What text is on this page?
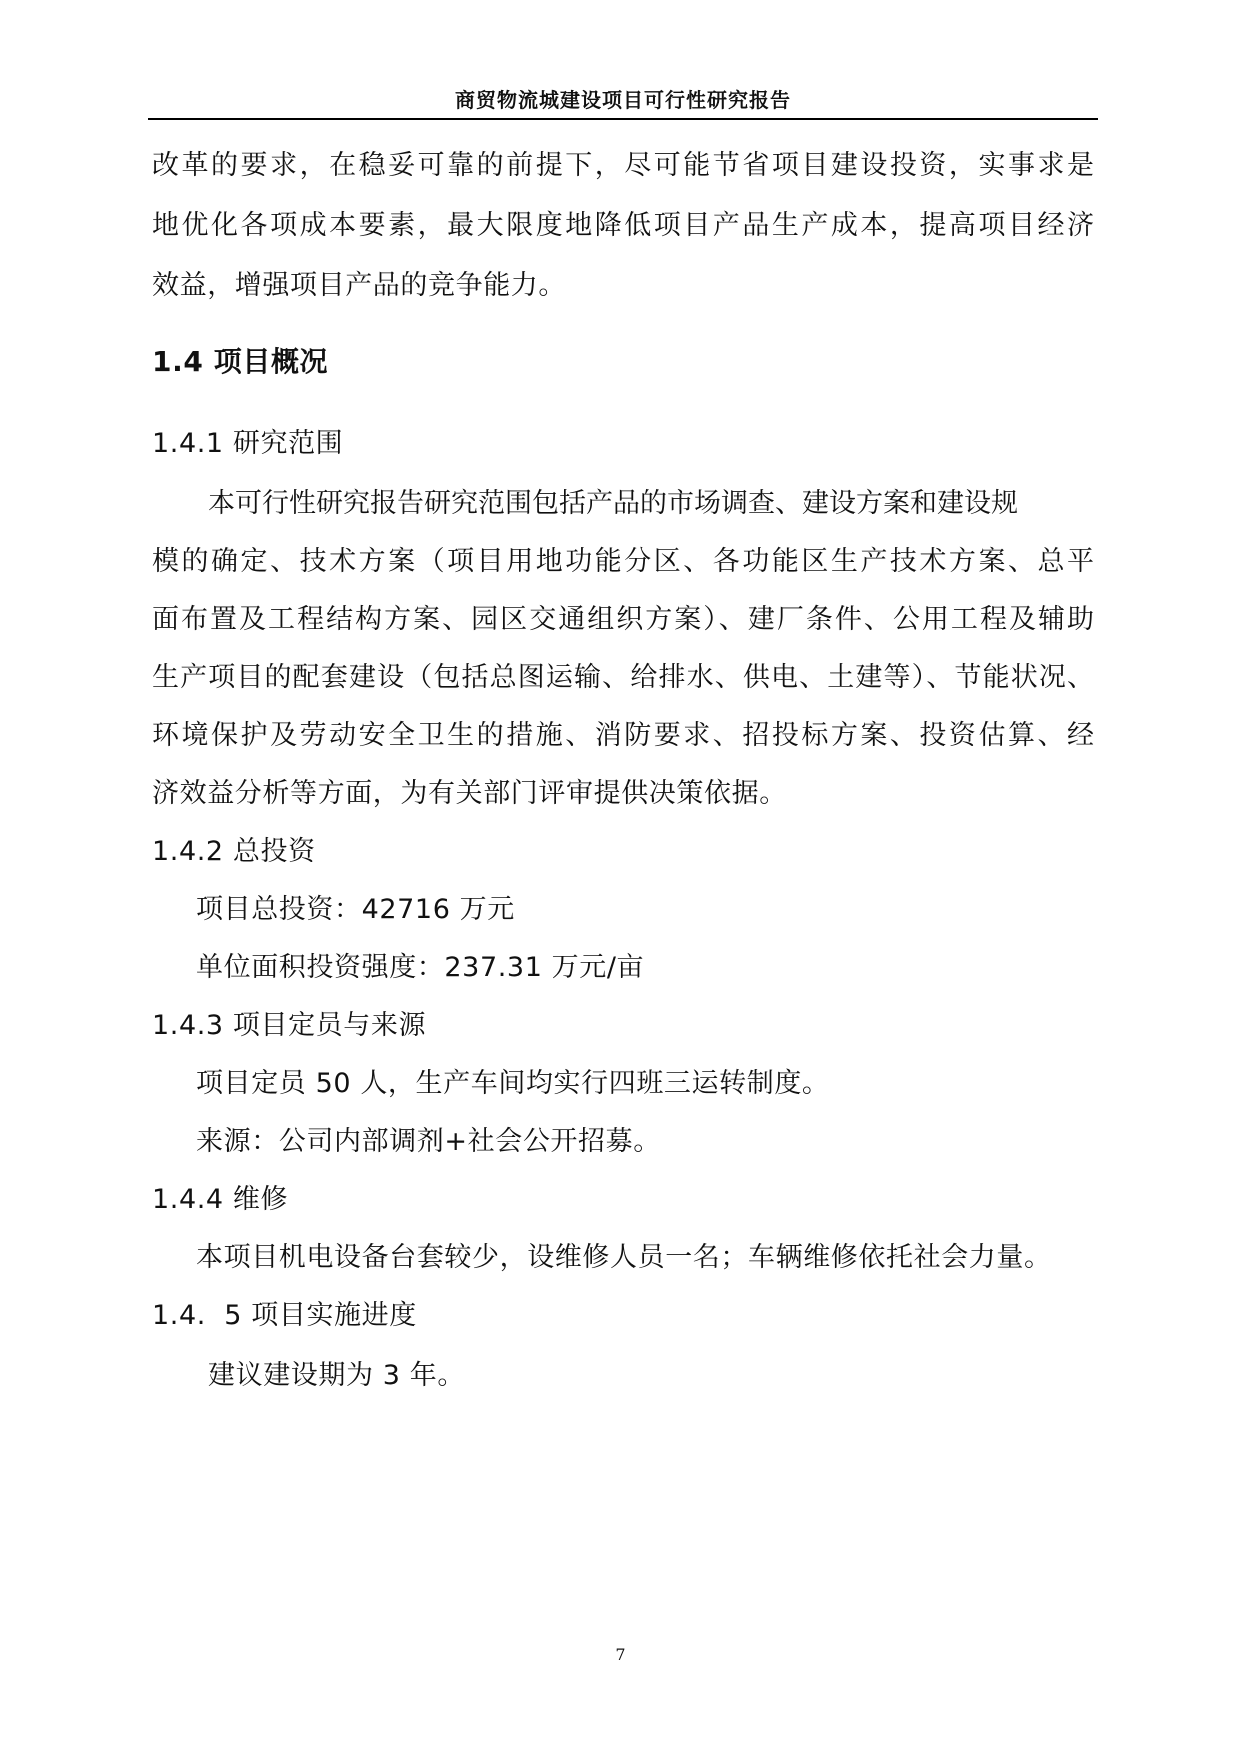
商贸物流城建设项目可行性研究报告
改革的要求，在稳妥可靠的前提下，尽可能节省项目建设投资，实事求是
地优化各项成本要素，最大限度地降低项目产品生产成本，提高项目经济
效益，增强项目产品的竞争能力。
1.4 项目概况
1.4.1 研究范围
本可行性研究报告研究范围包括产品的市场调查、建设方案和建设规
模的确定、技术方案（项目用地功能分区、各功能区生产技术方案、总平
面布置及工程结构方案、园区交通组织方案）、建厂条件、公用工程及辅助
生产项目的配套建设（包括总图运输、给排水、供电、土建等）、节能状况、
环境保护及劳动安全卫生的措施、消防要求、招投标方案、投资估算、经
济效益分析等方面，为有关部门评审提供决策依据。
1.4.2 总投资
项目总投资：42716 万元
单位面积投资强度：237.31 万元/亩
1.4.3 项目定员与来源
项目定员 50 人，生产车间均实行四班三运转制度。
来源：公司内部调剂+社会公开招募。
1.4.4 维修
本项目机电设备台套较少，设维修人员一名；车辆维修依托社会力量。
1.4.  5 项目实施进度
建议建设期为 3 年。
7
